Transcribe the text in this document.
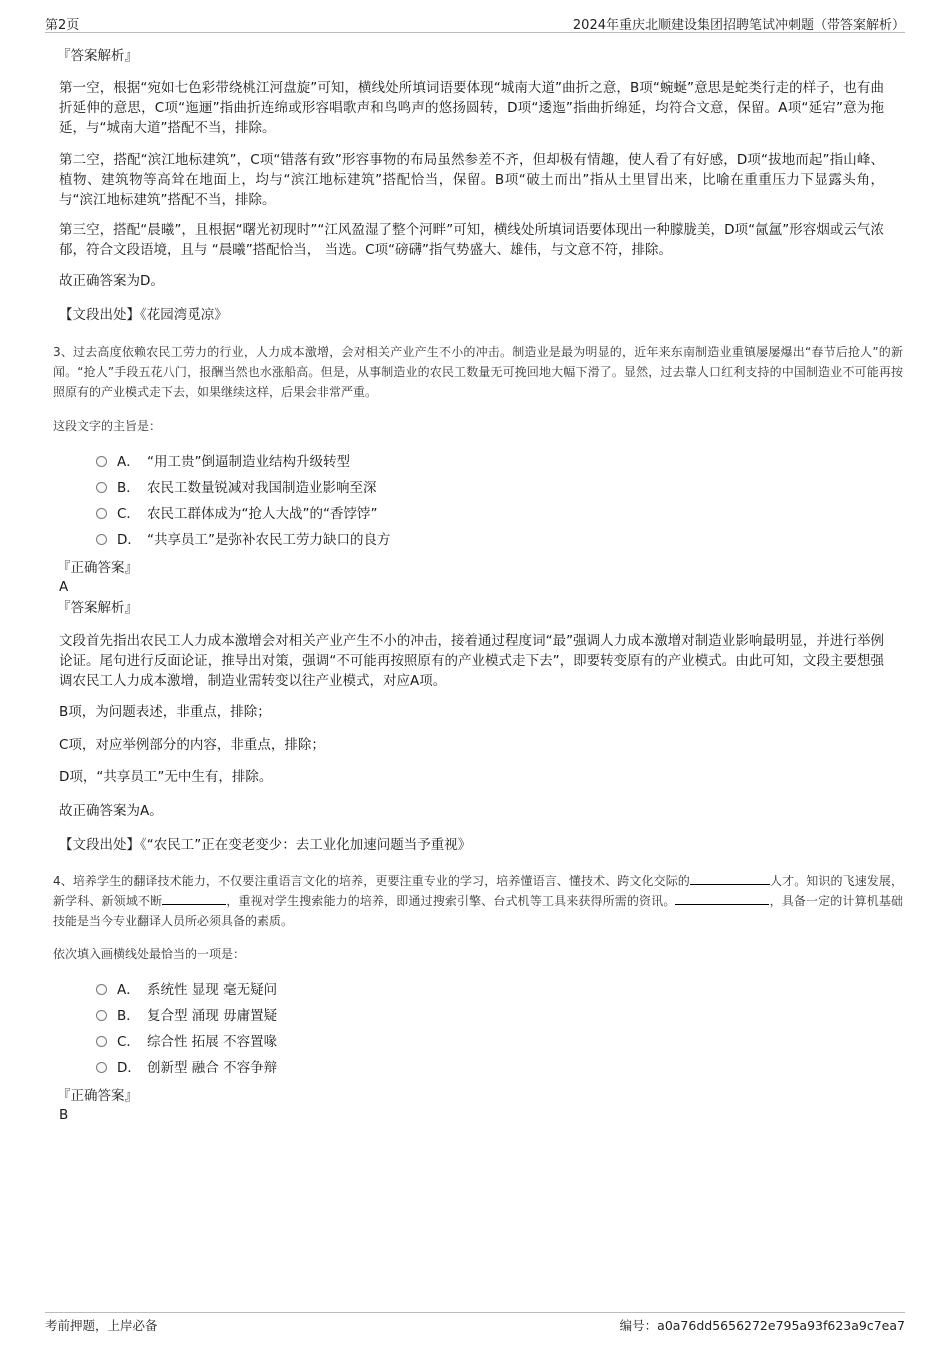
第2页	2024年重庆北顺建设集团招聘笔试冲刺题（带答案解析）

『答案解析』

第一空，根据“宛如七色彩带绕桃江河盘旋”可知，横线处所填词语要体现“城南大道”曲折之意，B项“蜿蜒”意思是蛇类行走的样子，也有曲折延伸的意思，C项“迤逦”指曲折连绵或形容唱歌声和鸟鸣声的悠扬圆转，D项“逶迤”指曲折绵延，均符合文意，保留。A项“延宕”意为拖延，与“城南大道”搭配不当，排除。

第二空，搭配“滨江地标建筑”，C项“错落有致”形容事物的布局虽然参差不齐，但却极有情趣，使人看了有好感，D项“拔地而起”指山峰、植物、建筑物等高耸在地面上，均与“滨江地标建筑”搭配恰当，保留。B项“破土而出”指从土里冒出来，比喻在重重压力下显露头角，与“滨江地标建筑”搭配不当，排除。

第三空，搭配“晨曦”，且根据“曙光初现时”“江风盈湿了整个河畔”可知，横线处所填词语要体现出一种朦胧美，D项“氤氲”形容烟或云气浓郁，符合文段语境，且与 “晨曦”搭配恰当， 当选。C项“磅礴”指气势盛大、雄伟，与文意不符，排除。

故正确答案为D。

【文段出处】《花园湾觅凉》

3、过去高度依赖农民工劳力的行业，人力成本激增，会对相关产业产生不小的冲击。制造业是最为明显的，近年来东南制造业重镇屡屡爆出“春节后抢人”的新闻。“抢人”手段五花八门，报酬当然也水涨船高。但是，从事制造业的农民工数量无可挽回地大幅下滑了。显然，过去靠人口红利支持的中国制造业不可能再按照原有的产业模式走下去，如果继续这样，后果会非常严重。

这段文字的主旨是：

A． “用工贵”倒逼制造业结构升级转型
B． 农民工数量锐减对我国制造业影响至深
C． 农民工群体成为“抢人大战”的“香饽饽”
D． “共享员工”是弥补农民工劳力缺口的良方

『正确答案』

A

『答案解析』

文段首先指出农民工人力成本激增会对相关产业产生不小的冲击，接着通过程度词“最”强调人力成本激增对制造业影响最明显，并进行举例论证。尾句进行反面论证，推导出对策，强调“不可能再按照原有的产业模式走下去”，即要转变原有的产业模式。由此可知，文段主要想强调农民工人力成本激增，制造业需转变以往产业模式，对应A项。

B项，为问题表述，非重点，排除；

C项，对应举例部分的内容，非重点，排除；

D项，“共享员工”无中生有，排除。

故正确答案为A。

【文段出处】《“农民工”正在变老变少：去工业化加速问题当予重视》

4、培养学生的翻译技术能力，不仅要注重语言文化的培养，更要注重专业的学习，培养懂语言、懂技术、跨文化交际的	人才。知识的飞速发展，新学科、新领域不断	，重视对学生搜索能力的培养，即通过搜索引擎、台式机等工具来获得所需的资讯。	，具备一定的计算机基础技能是当今专业翻译人员所必须具备的素质。

依次填入画横线处最恰当的一项是：

A． 系统性 显现 毫无疑问
B． 复合型 涌现 毋庸置疑
C． 综合性 拓展 不容置喙
D． 创新型 融合 不容争辩

『正确答案』

B

考前押题，上岸必备	编号：a0a76dd5656272e795a93f623a9c7ea7
